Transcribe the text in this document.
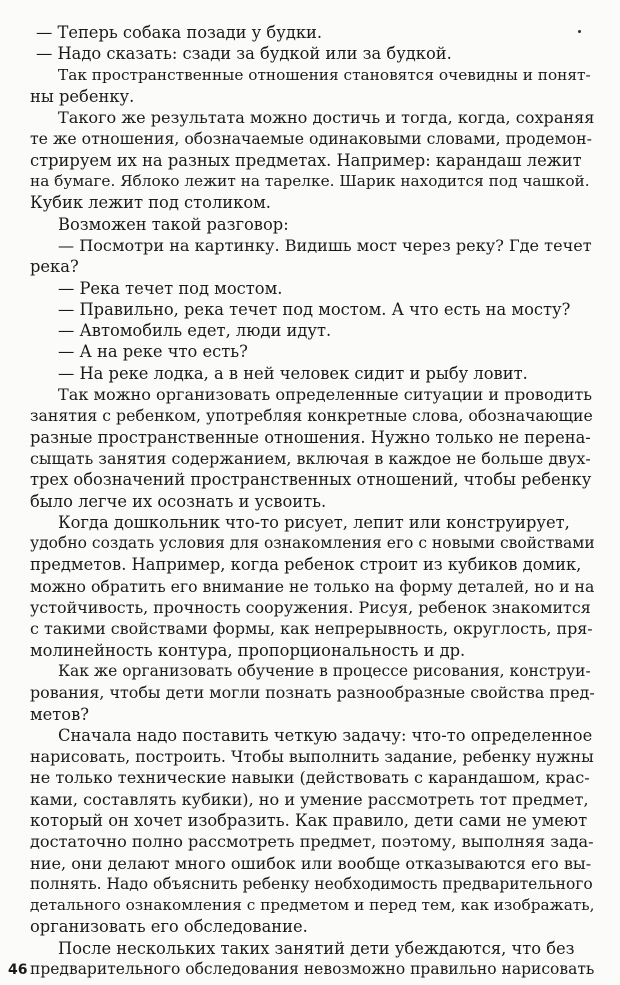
— Теперь собака позади у будки.
— Надо сказать: сзади за будкой или за будкой.
Так пространственные отношения становятся очевидны и понят-
ны ребенку.
Такого же результата можно достичь и тогда, когда, сохраняя
те же отношения, обозначаемые одинаковыми словами, продемон-
стрируем их на разных предметах. Например: карандаш лежит
на бумаге. Яблоко лежит на тарелке. Шарик находится под чашкой.
Кубик лежит под столиком.
Возможен такой разговор:
— Посмотри на картинку. Видишь мост через реку? Где течет
река?
— Река течет под мостом.
— Правильно, река течет под мостом. А что есть на мосту?
— Автомобиль едет, люди идут.
— А на реке что есть?
— На реке лодка, а в ней человек сидит и рыбу ловит.
Так можно организовать определенные ситуации и проводить
занятия с ребенком, употребляя конкретные слова, обозначающие
разные пространственные отношения. Нужно только не перена-
сыщать занятия содержанием, включая в каждое не больше двух-
трех обозначений пространственных отношений, чтобы ребенку
было легче их осознать и усвоить.
Когда дошкольник что-то рисует, лепит или конструирует,
удобно создать условия для ознакомления его с новыми свойствами
предметов. Например, когда ребенок строит из кубиков домик,
можно обратить его внимание не только на форму деталей, но и на
устойчивость, прочность сооружения. Рисуя, ребенок знакомится
с такими свойствами формы, как непрерывность, округлость, пря-
молинейность контура, пропорциональность и др.
Как же организовать обучение в процессе рисования, конструи-
рования, чтобы дети могли познать разнообразные свойства пред-
метов?
Сначала надо поставить четкую задачу: что-то определенное
нарисовать, построить. Чтобы выполнить задание, ребенку нужны
не только технические навыки (действовать с карандашом, крас-
ками, составлять кубики), но и умение рассмотреть тот предмет,
который он хочет изобразить. Как правило, дети сами не умеют
достаточно полно рассмотреть предмет, поэтому, выполняя зада-
ние, они делают много ошибок или вообще отказываются его вы-
полнять. Надо объяснить ребенку необходимость предварительного
детального ознакомления с предметом и перед тем, как изображать,
организовать его обследование.
После нескольких таких занятий дети убеждаются, что без
предварительного обследования невозможно правильно нарисовать
46
